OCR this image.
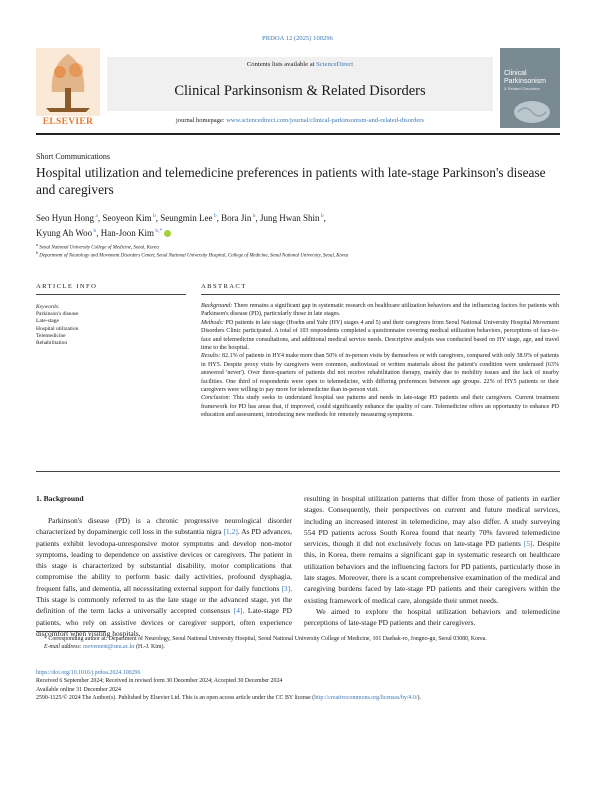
PRDOA 12 (2025) 100296
ELSEVIER
Contents lists available at ScienceDirect
Clinical Parkinsonism & Related Disorders
journal homepage: www.sciencedirect.com/journal/clinical-parkinsonism-and-related-disorders
Clinical
Parkinsonism
& Related Disorders
Short Communications
Hospital utilization and telemedicine preferences in patients with late-stage Parkinson's disease and caregivers
Seo Hyun Hong $^a$, Seoyeon Kim $^b$, Seungmin Lee $^b$, Bora Jin $^b$, Jung Hwan Shin $^b$,
Kyung Ah Woo $^b$, Han-Joon Kim $^{b,*}$
$^a$ Seoul National University College of Medicine, Seoul, Korea
$^b$ Department of Neurology and Movement Disorders Center, Seoul National University Hospital, College of Medicine, Seoul National University, Seoul, Korea
ARTICLE INFO	ABSTRACT
Keywords:
Parkinson's disease
Late-stage
Hospital utilization
Telemedicine
Rehabilitation

Background: There remains a significant gap in systematic research on healthcare utilization behaviors and the influencing factors for patients with Parkinson's disease (PD), particularly those in late stages.

Methods: PD patients in late stage (Hoehn and Yahr (HY) stages 4 and 5) and their caregivers from Seoul National University Hospital Movement Disorders Clinic participated. A total of 103 respondents completed a questionnaire covering medical utilization behaviors, perceptions of face-to-face and telemedicine consultations, and additional medical service needs. Descriptive analysis was conducted based on HY stage, age, and travel time to the hospital.

Results: 82.1% of patients in HY4 make more than 50% of in-person visits by themselves or with caregivers, compared with only 38.9% of patients in HY5. Despite proxy visits by caregivers were common, audiovisual or written materials about the patient's condition were underused (63% answered 'never'). Over three-quarters of patients did not receive rehabilitation therapy, mainly due to mobility issues and the lack of nearby facilities. One third of respondents were open to telemedicine, with differing preferences between age groups. 22% of HY5 patients or their caregivers were willing to pay more for telemedicine than in-person visit.

Conclusion: This study seeks to understand hospital use patterns and needs in late-stage PD patients and their caregivers. Current treatment framework for PD has areas that, if improved, could significantly enhance the quality of care. Telemedicine offers an opportunity to enhance PD education and assessment, introducing new methods for remotely measuring symptoms.

1. Background

Parkinson's disease (PD) is a chronic progressive neurological disorder characterized by dopaminergic cell loss in the substantia nigra [1,2]. As PD advances, patients exhibit levodopa-unresponsive motor symptoms and develop non-motor symptoms, leading to dependence on assistive devices or caregivers. The patient in this stage is characterized by substantial disability, motor complications that compromise the ability to perform basic daily activities, profound dysphagia, frequent falls, and dementia, all necessitating external support for daily functions [3]. This stage is commonly referred to as the late stage or the advanced stage, yet the definition of the term lacks a universally accepted consensus [4]. Late-stage PD patients, who rely on assistive devices or caregiver support, often experience discomfort when visiting hospitals,

resulting in hospital utilization patterns that differ from those of patients in earlier stages. Consequently, their perspectives on current and future medical services, including an increased interest in telemedicine, may also differ. A study surveying 554 PD patients across South Korea found that nearly 70% favored telemedicine services, though it did not exclusively focus on late-stage PD patients [5]. Despite this, in Korea, there remains a significant gap in systematic research on healthcare utilization behaviors and the influencing factors for PD patients, particularly those in late stages. Moreover, there is a scant comprehensive examination of the medical and caregiving burdens faced by late-stage PD patients and their caregivers within the existing framework of medical care, alongside their unmet needs.

We aimed to explore the hospital utilization behaviors and telemedicine perceptions of late-stage PD patients and their caregivers.

* Corresponding author at: Department of Neurology, Seoul National University Hospital, Seoul National University College of Medicine, 101 Daehak-ro, Jongno-gu, Seoul 03080, Korea.
E-mail address: movement@snu.ac.kr (H.-J. Kim).
https://doi.org/10.1016/j.prdoa.2024.100296
Received 6 September 2024; Received in revised form 30 December 2024; Accepted 30 December 2024
Available online 31 December 2024
2590-1125/© 2024 The Author(s). Published by Elsevier Ltd. This is an open access article under the CC BY license (http://creativecommons.org/licenses/by/4.0/).
